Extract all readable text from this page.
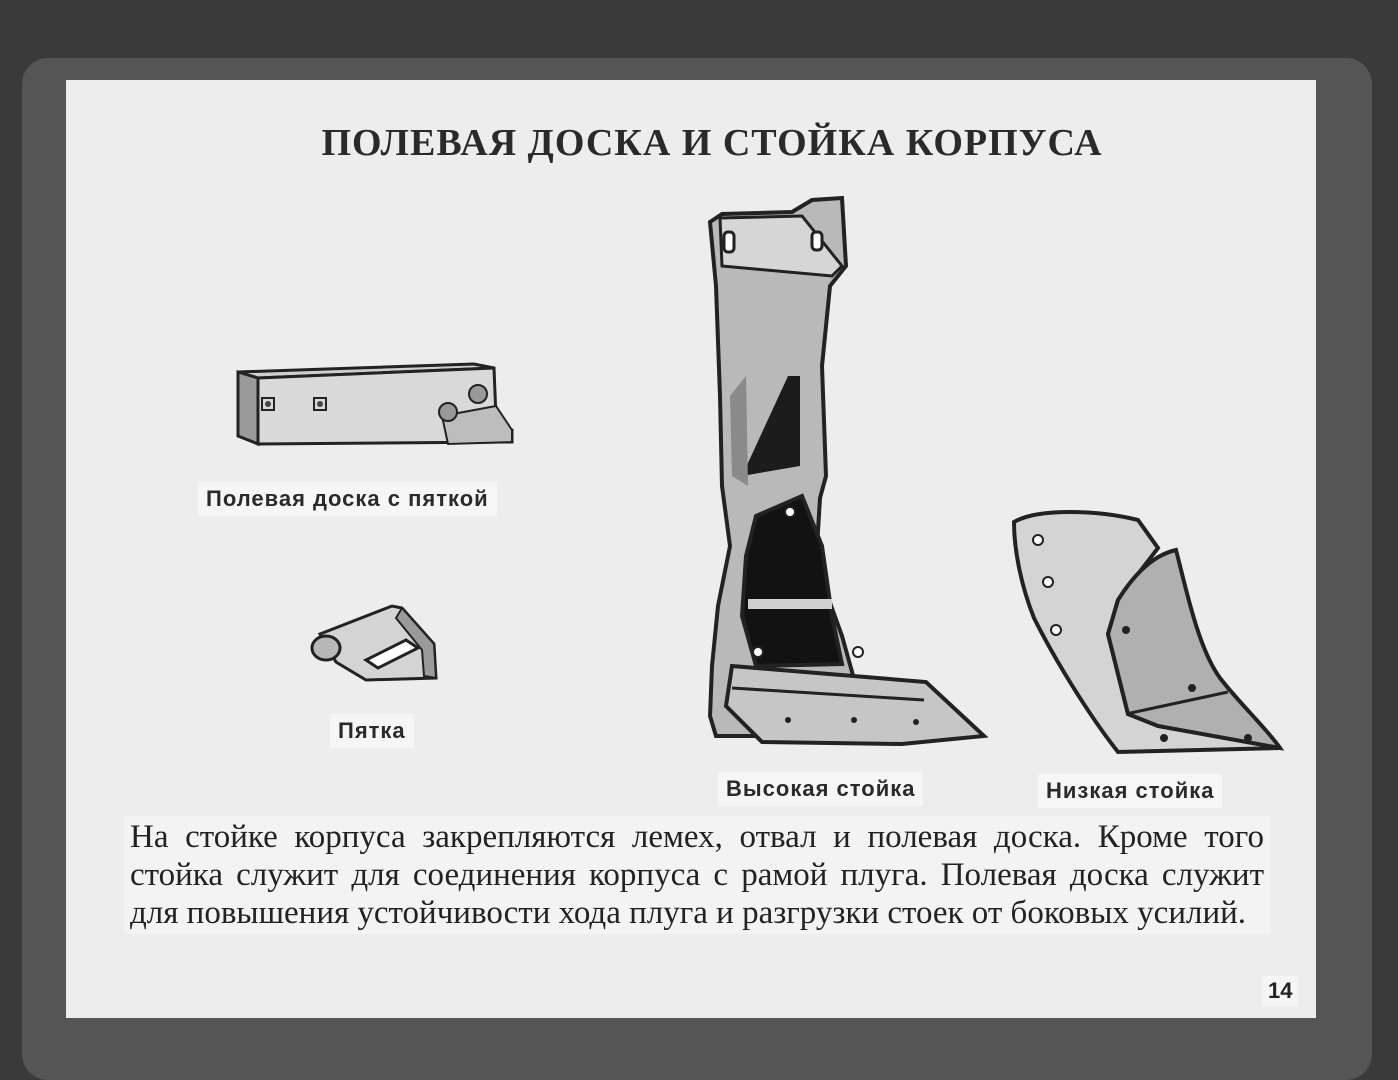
ПОЛЕВАЯ ДОСКА И СТОЙКА КОРПУСА
Полевая доска с пяткой
Пятка
Высокая стойка	Низкая стойка
На стойке корпуса закрепляются лемех, отвал и полевая доска. Кроме того стойка служит для соединения корпуса с рамой плуга. Полевая доска служит для повышения устойчивости хода плуга и разгрузки стоек от боковых усилий.
14
